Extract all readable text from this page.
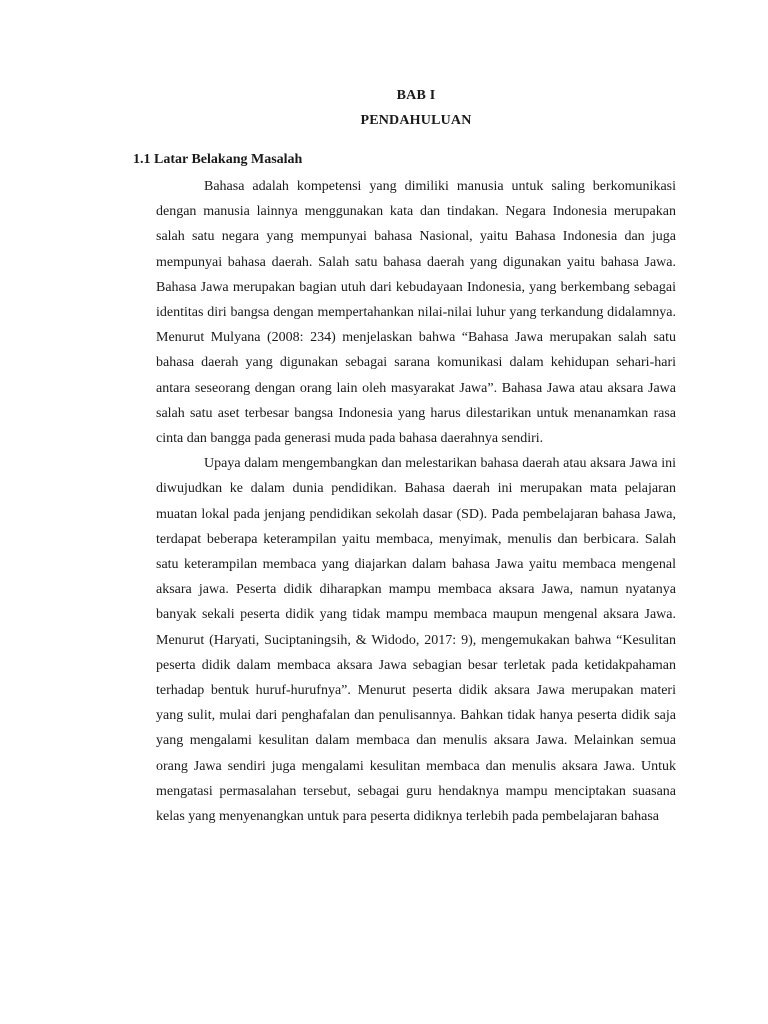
BAB I
PENDAHULUAN
1.1 Latar Belakang Masalah

Bahasa adalah kompetensi yang dimiliki manusia untuk saling berkomunikasi dengan manusia lainnya menggunakan kata dan tindakan. Negara Indonesia merupakan salah satu negara yang mempunyai bahasa Nasional, yaitu Bahasa Indonesia dan juga mempunyai bahasa daerah. Salah satu bahasa daerah yang digunakan yaitu bahasa Jawa. Bahasa Jawa merupakan bagian utuh dari kebudayaan Indonesia, yang berkembang sebagai identitas diri bangsa dengan mempertahankan nilai-nilai luhur yang terkandung didalamnya. Menurut Mulyana (2008: 234) menjelaskan bahwa “Bahasa Jawa merupakan salah satu bahasa daerah yang digunakan sebagai sarana komunikasi dalam kehidupan sehari-hari antara seseorang dengan orang lain oleh masyarakat Jawa”. Bahasa Jawa atau aksara Jawa salah satu aset terbesar bangsa Indonesia yang harus dilestarikan untuk menanamkan rasa cinta dan bangga pada generasi muda pada bahasa daerahnya sendiri.

Upaya dalam mengembangkan dan melestarikan bahasa daerah atau aksara Jawa ini diwujudkan ke dalam dunia pendidikan. Bahasa daerah ini merupakan mata pelajaran muatan lokal pada jenjang pendidikan sekolah dasar (SD). Pada pembelajaran bahasa Jawa, terdapat beberapa keterampilan yaitu membaca, menyimak, menulis dan berbicara. Salah satu keterampilan membaca yang diajarkan dalam bahasa Jawa yaitu membaca mengenal aksara jawa. Peserta didik diharapkan mampu membaca aksara Jawa, namun nyatanya banyak sekali peserta didik yang tidak mampu membaca maupun mengenal aksara Jawa. Menurut (Haryati, Suciptaningsih, & Widodo, 2017: 9), mengemukakan bahwa “Kesulitan peserta didik dalam membaca aksara Jawa sebagian besar terletak pada ketidakpahaman terhadap bentuk huruf-hurufnya”. Menurut peserta didik aksara Jawa merupakan materi yang sulit, mulai dari penghafalan dan penulisannya. Bahkan tidak hanya peserta didik saja yang mengalami kesulitan dalam membaca dan menulis aksara Jawa. Melainkan semua orang Jawa sendiri juga mengalami kesulitan membaca dan menulis aksara Jawa. Untuk mengatasi permasalahan tersebut, sebagai guru hendaknya mampu menciptakan suasana kelas yang menyenangkan untuk para peserta didiknya terlebih pada pembelajaran bahasa
